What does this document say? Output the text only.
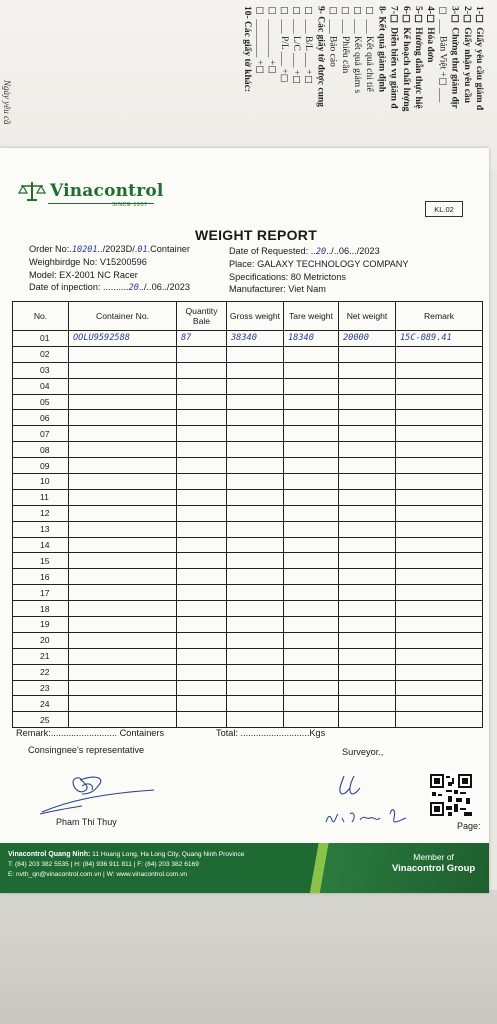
1-☐ Giấy yêu cầu giám đ
2-☐ Giấy nhận yêu cầu
3-☐ Chứng thư giám địr
☐ ___ Bản Việt +☐___
4-☐ Hóa đơn
5-☐ Hướng dẫn thực hiệ
6-☐ Kế hoạch chất lượng
7-☐ Diễn biến vụ giám đ
8- Kết quả giám định
☐ ___ Kết quả chi tiế
☐ ___ Kết quả giám s
☐ ___ Phiếu cân
☐ ___ Báo cáo
9- Các giấy tờ được cung
☐ ___ B/L ___ +☐
☐ ___ L/C ___ +☐
☐ ___ P/L ___ +☐
☐ ________ +☐
☐ ________ +☐
10- Các giấy tờ khác:
Ngày yêu cầ
Vinacontrol
SINCE 1957	KL.02
WEIGHT REPORT
Order No:.10201../2023D/.01.Container
Weighbirdge No: V15200596
Model: EX-2001 NC Racer
Date of inpection: ..........20../..06../2023
Date of Requested: ..20../..06.../2023
Place: GALAXY TECHNOLOGY COMPANY
Specifications: 80 Metrictons
Manufacturer: Viet Nam
No.	Container No.	Quantity Bale	Gross weight	Tare weight	Net weight	Remark
01	OOLU9592588	87	38340	18340	20000	15C-089.41
02						
03						
04						
05						
06						
07						
08						
09						
10						
11						
12						
13						
14						
15						
16						
17						
18						
19						
20						
21						
22						
23						
24						
25						
Remark:.......................... Containers	Total: ...........................Kgs
Consingnee's representative	Surveyor.,
Pham Thi Thuy	Page:
Vinacontrol Quang Ninh: 11 Hoang Long, Ha Long City, Quang Ninh Province
T: (84) 203 382 5535 | H: (84) 936 911 811 | F: (84) 203 382 6169
E: nvth_qn@vinacontrol.com.vn | W: www.vinacontrol.com.vn
Member of
Vinacontrol Group
